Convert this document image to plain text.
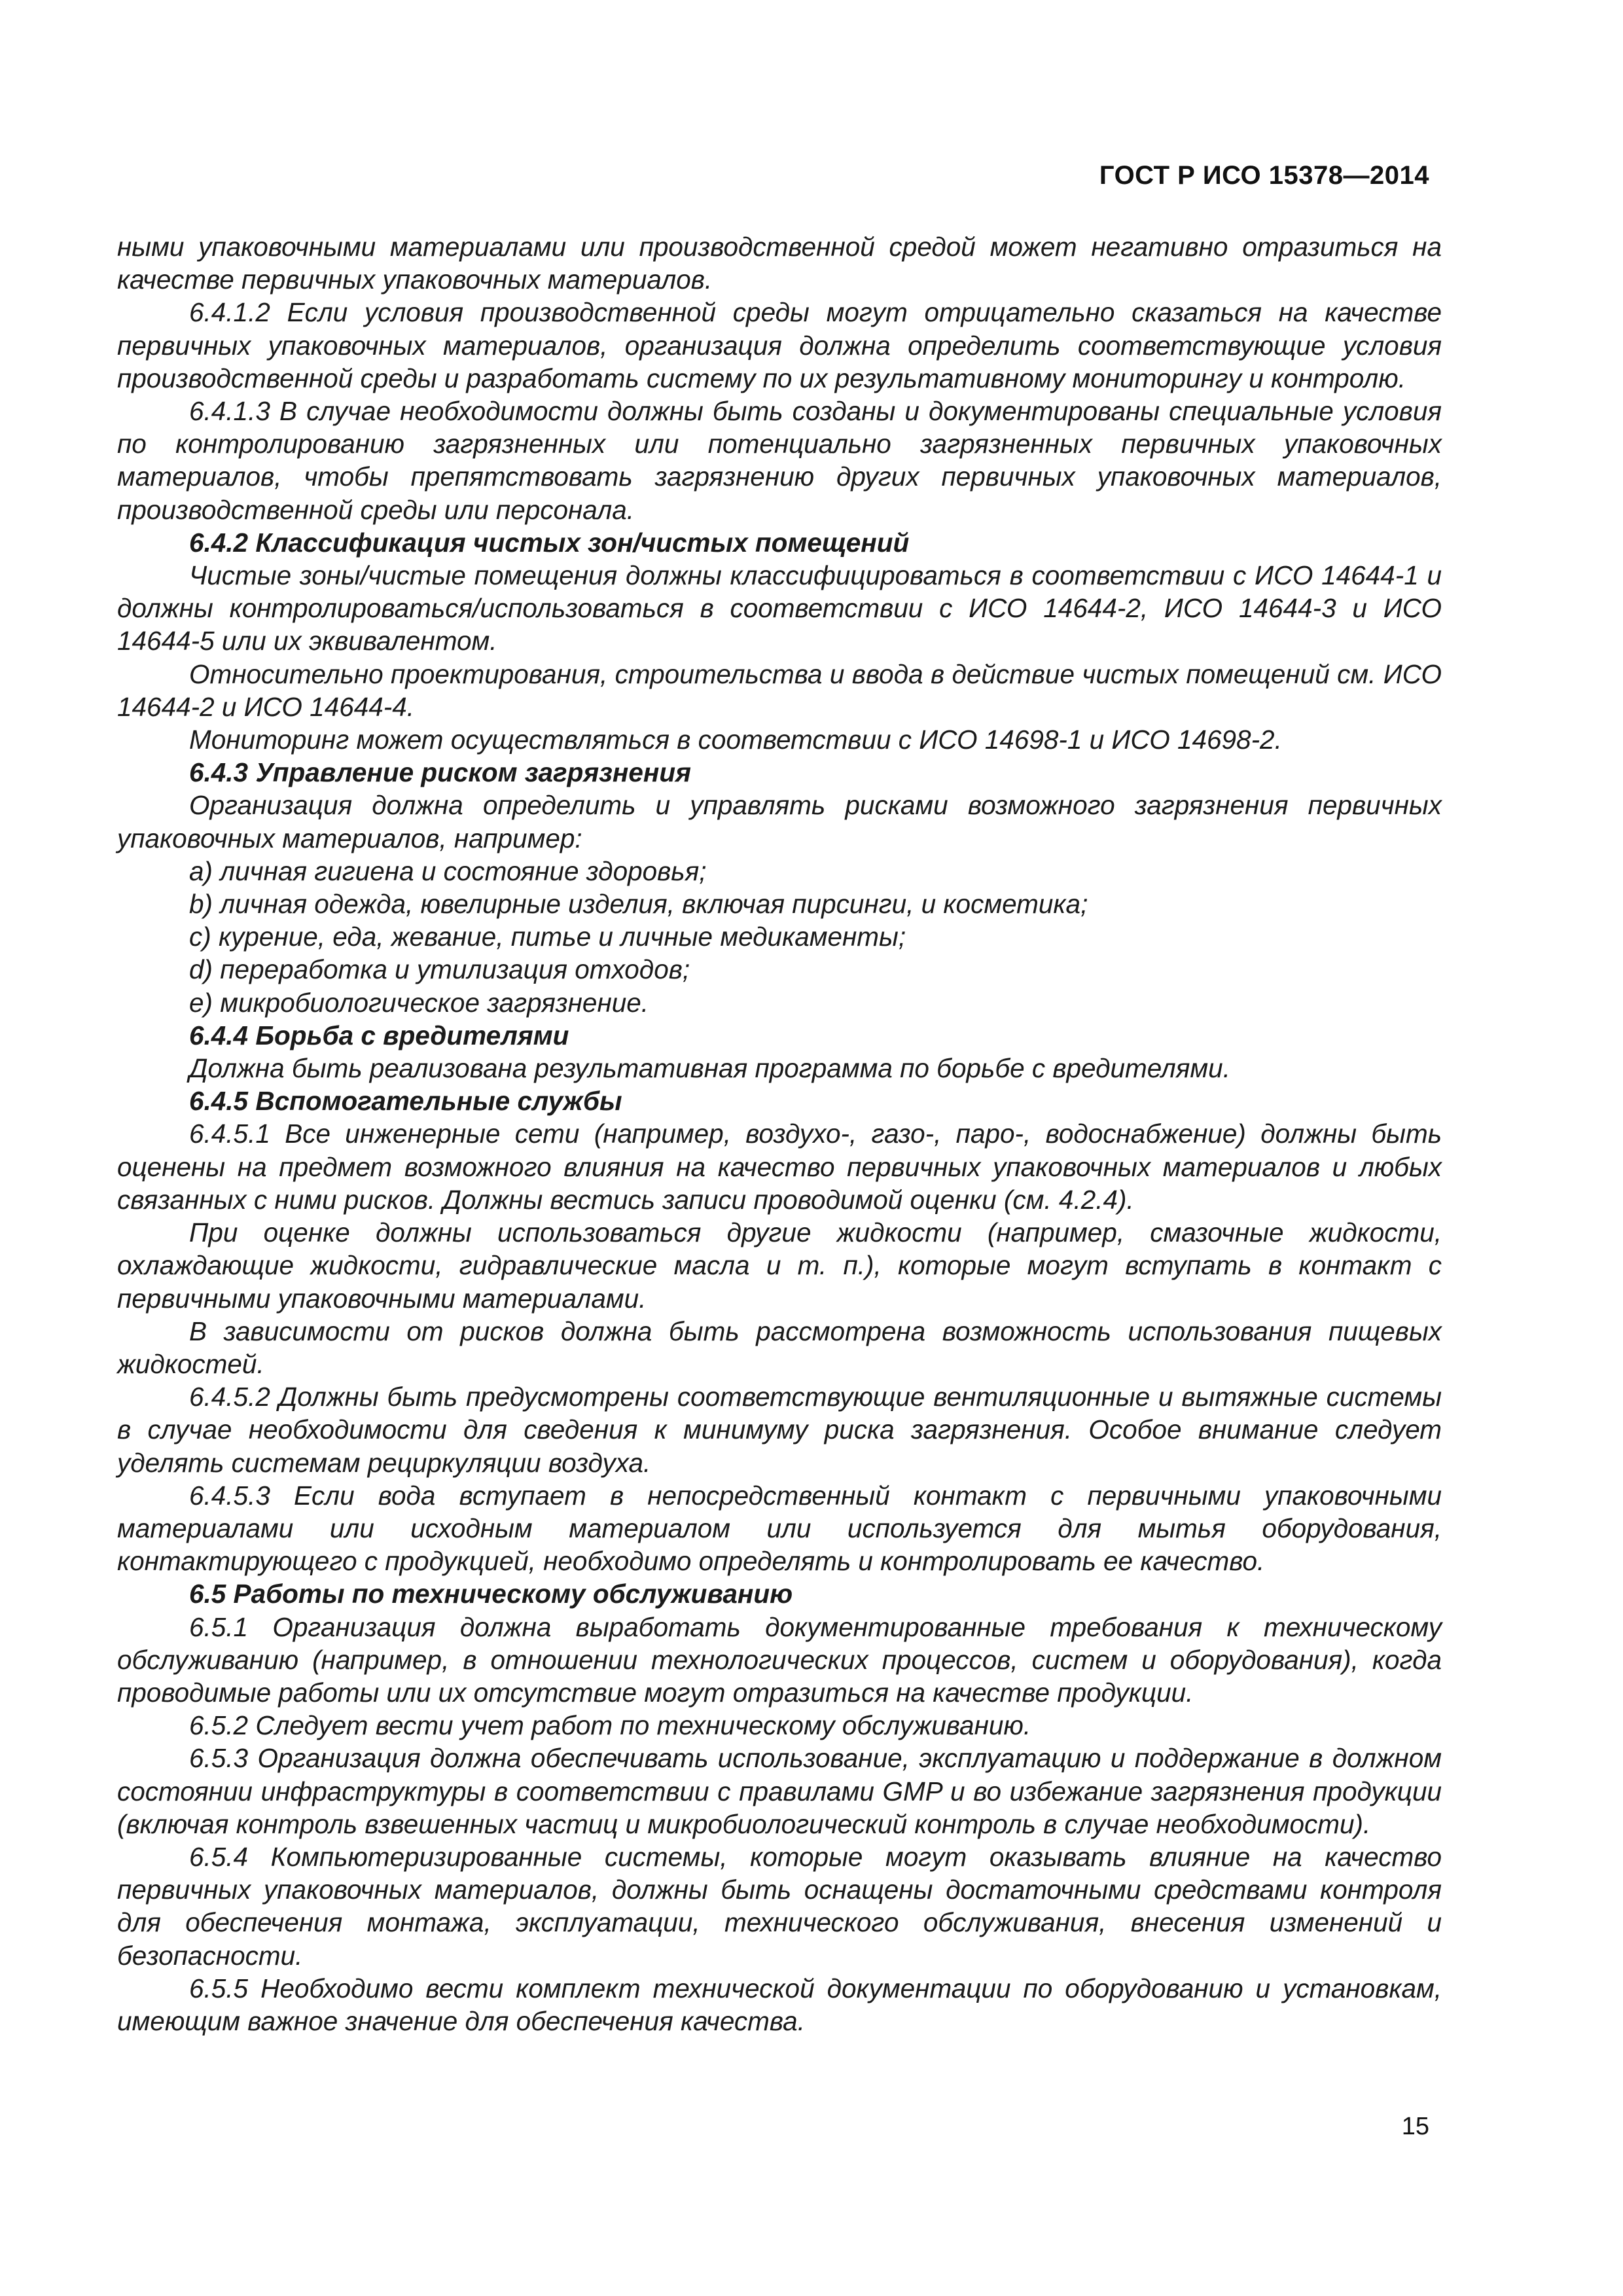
ГОСТ Р ИСО 15378—2014

ными упаковочными материалами или производственной средой может негативно отразиться на качестве первичных упаковочных материалов.

6.4.1.2 Если условия производственной среды могут отрицательно сказаться на качестве первичных упаковочных материалов, организация должна определить соответствующие условия производственной среды и разработать систему по их результативному мониторингу и контролю.

6.4.1.3 В случае необходимости должны быть созданы и документированы специальные условия по контролированию загрязненных или потенциально загрязненных первичных упаковочных материалов, чтобы препятствовать загрязнению других первичных упаковочных материалов, производственной среды или персонала.

6.4.2 Классификация чистых зон/чистых помещений

Чистые зоны/чистые помещения должны классифицироваться в соответствии с ИСО 14644-1 и должны контролироваться/использоваться в соответствии с ИСО 14644-2, ИСО 14644-3 и ИСО 14644-5 или их эквивалентом.

Относительно проектирования, строительства и ввода в действие чистых помещений см. ИСО 14644-2 и ИСО 14644-4.

Мониторинг может осуществляться в соответствии с ИСО 14698-1 и ИСО 14698-2.

6.4.3 Управление риском загрязнения

Организация должна определить и управлять рисками возможного загрязнения первичных упаковочных материалов, например:

a) личная гигиена и состояние здоровья;

b) личная одежда, ювелирные изделия, включая пирсинги, и косметика;

c) курение, еда, жевание, питье и личные медикаменты;

d) переработка и утилизация отходов;

e) микробиологическое загрязнение.

6.4.4 Борьба с вредителями

Должна быть реализована результативная программа по борьбе с вредителями.

6.4.5 Вспомогательные службы

6.4.5.1 Все инженерные сети (например, воздухо-, газо-, паро-, водоснабжение) должны быть оценены на предмет возможного влияния на качество первичных упаковочных материалов и любых связанных с ними рисков. Должны вестись записи проводимой оценки (см. 4.2.4).

При оценке должны использоваться другие жидкости (например, смазочные жидкости, охлаждающие жидкости, гидравлические масла и т. п.), которые могут вступать в контакт с первичными упаковочными материалами.

В зависимости от рисков должна быть рассмотрена возможность использования пищевых жидкостей.

6.4.5.2 Должны быть предусмотрены соответствующие вентиляционные и вытяжные системы в случае необходимости для сведения к минимуму риска загрязнения. Особое внимание следует уделять системам рециркуляции воздуха.

6.4.5.3 Если вода вступает в непосредственный контакт с первичными упаковочными материалами или исходным материалом или используется для мытья оборудования, контактирующего с продукцией, необходимо определять и контролировать ее качество.

6.5 Работы по техническому обслуживанию

6.5.1 Организация должна выработать документированные требования к техническому обслуживанию (например, в отношении технологических процессов, систем и оборудования), когда проводимые работы или их отсутствие могут отразиться на качестве продукции.

6.5.2 Следует вести учет работ по техническому обслуживанию.

6.5.3 Организация должна обеспечивать использование, эксплуатацию и поддержание в должном состоянии инфраструктуры в соответствии с правилами GMP и во избежание загрязнения продукции (включая контроль взвешенных частиц и микробиологический контроль в случае необходимости).

6.5.4 Компьютеризированные системы, которые могут оказывать влияние на качество первичных упаковочных материалов, должны быть оснащены достаточными средствами контроля для обеспечения монтажа, эксплуатации, технического обслуживания, внесения изменений и безопасности.

6.5.5 Необходимо вести комплект технической документации по оборудованию и установкам, имеющим важное значение для обеспечения качества.

15
